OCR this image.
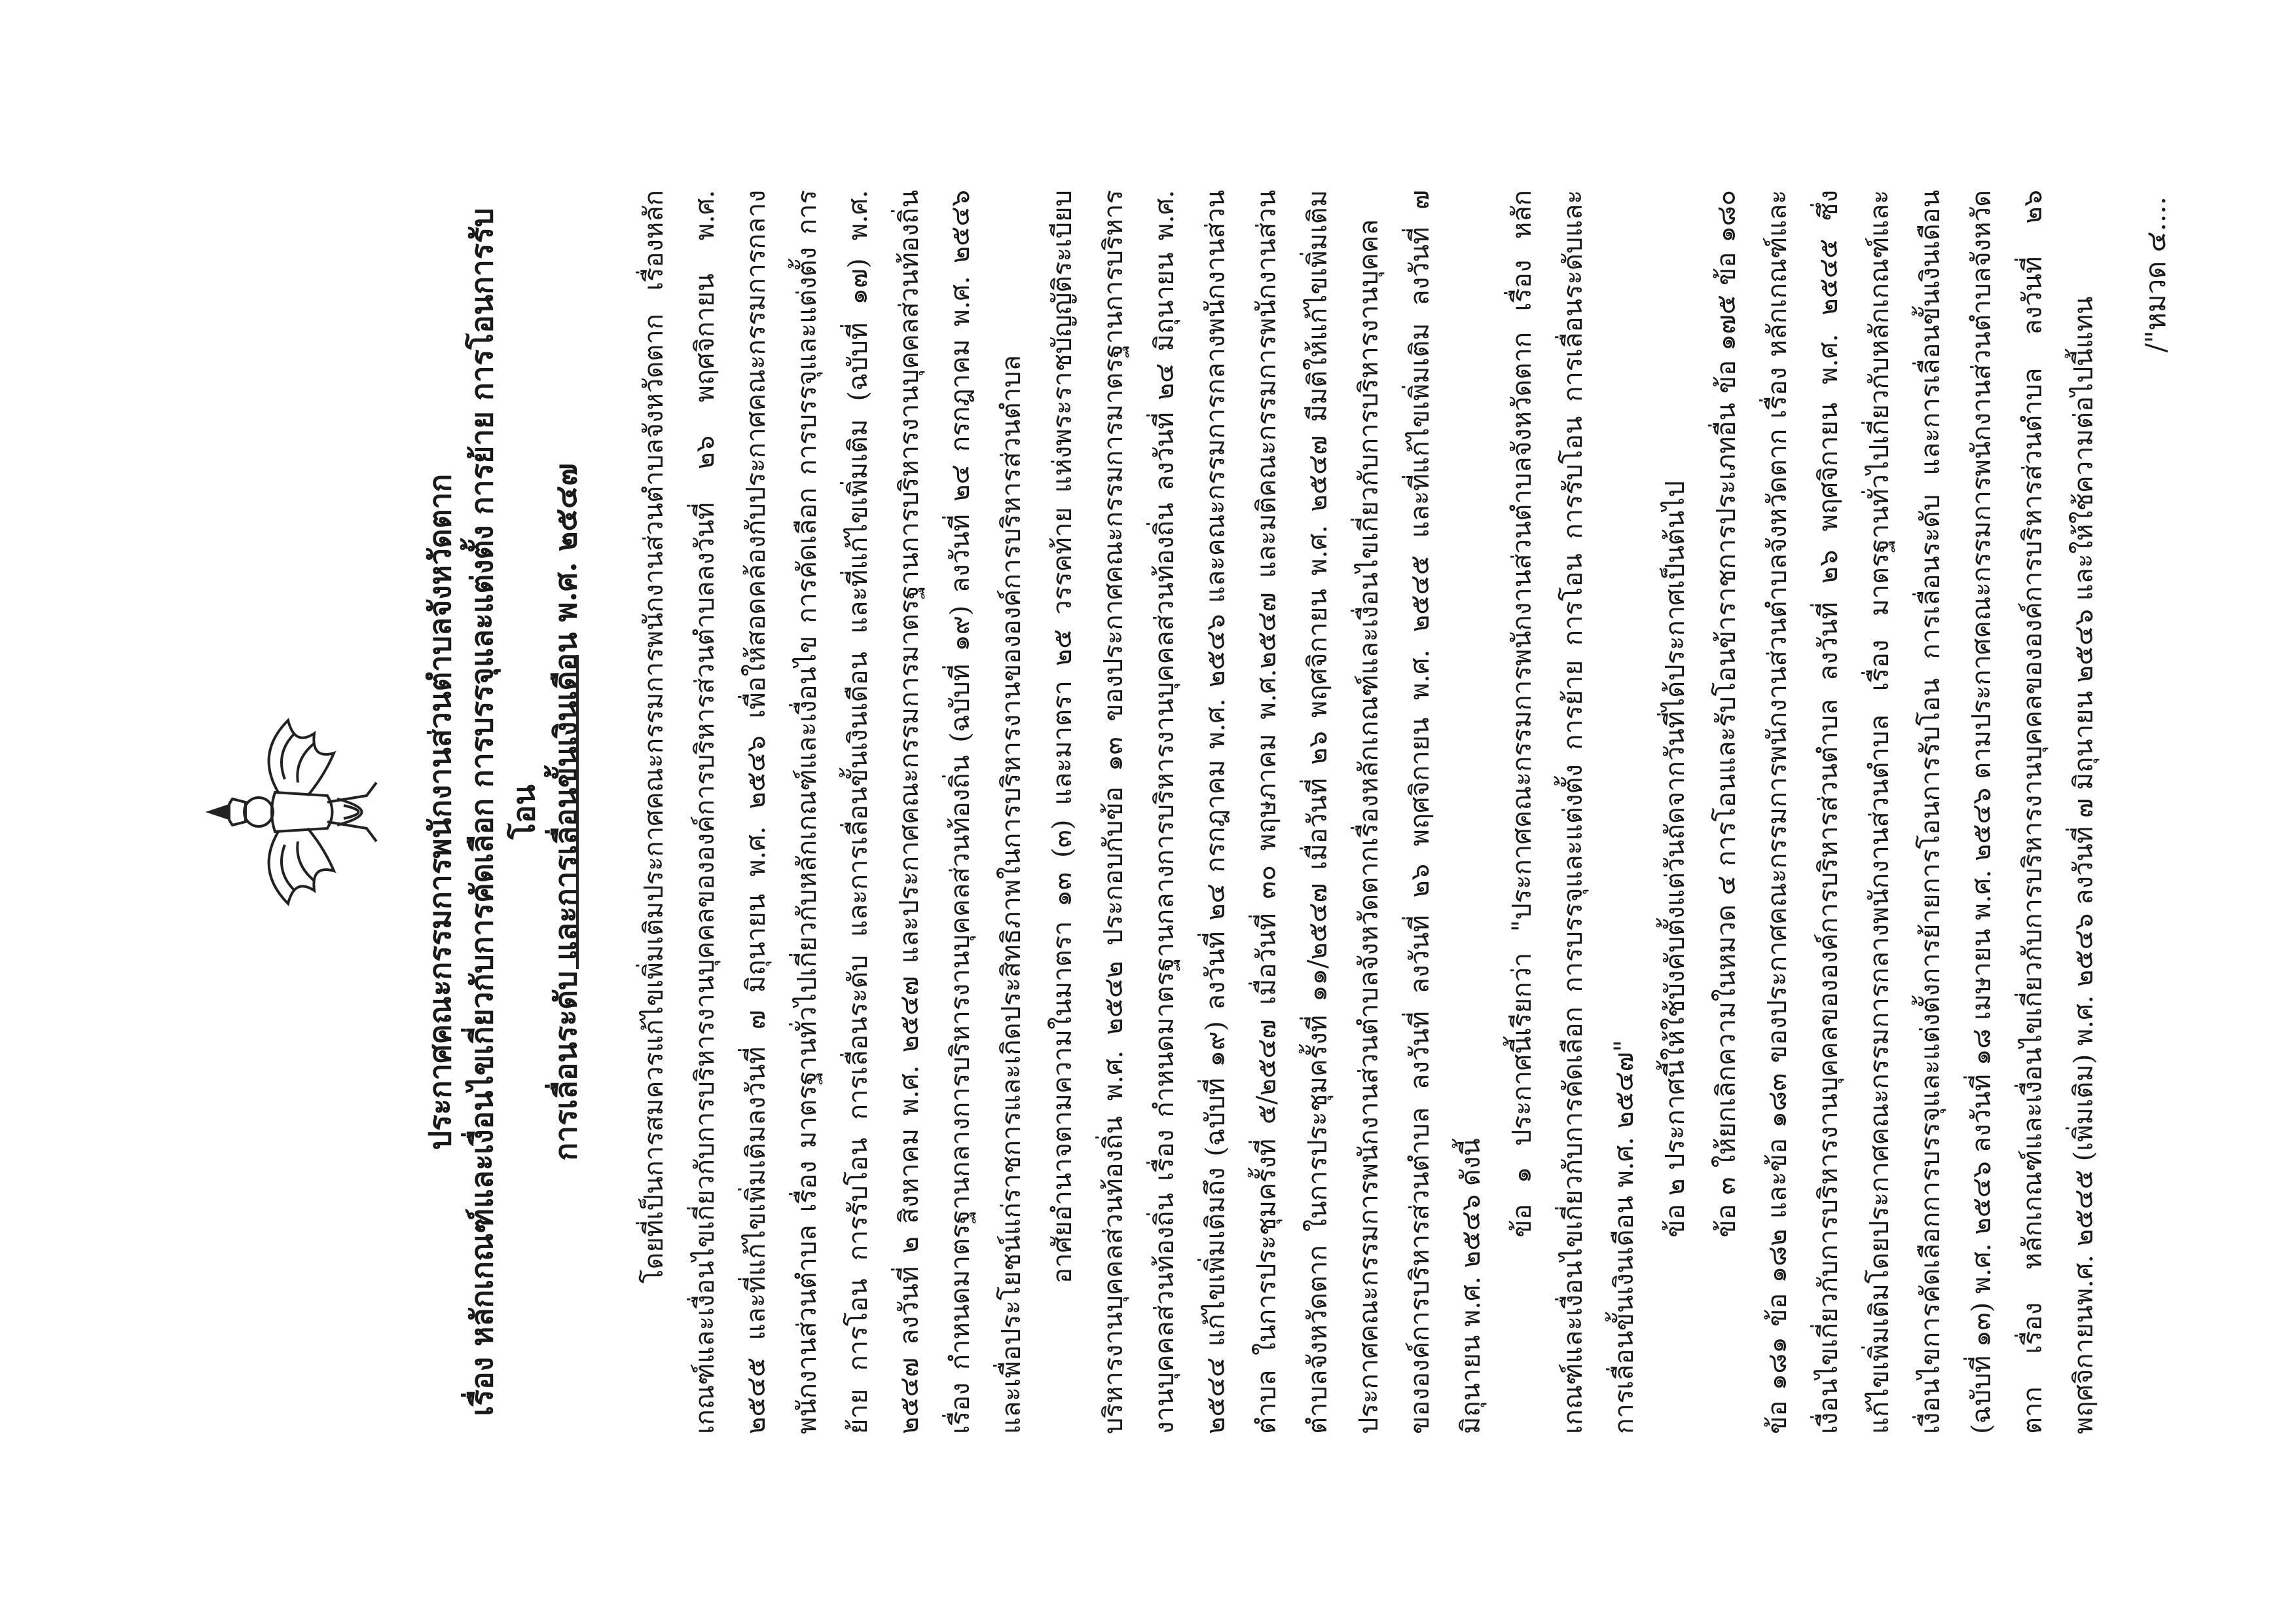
ประกาศคณะกรรมการพนักงานส่วนตำบลจังหวัดตาก เรื่อง หลักเกณฑ์และเงื่อนไขเกี่ยวกับการคัดเลือก การบรรจุและแต่งตั้ง การย้าย การโอนการรับโอน การเลื่อนระดับ และการเลื่อนขั้นเงินเดือน พ.ศ. ๒๕๔๗	โดยที่เป็นการสมควรแก้ไขเพิ่มเติมประกาศคณะกรรมการพนักงานส่วนตำบลจังหวัดตาก เรื่องหลักเกณฑ์และเงื่อนไขเกี่ยวกับการบริหารงานบุคคลขององค์การบริหารส่วนตำบลลงวันที่ ๒๖ พฤศจิกายน พ.ศ. ๒๕๔๕ และที่แก้ไขเพิ่มเติมลงวันที่ ๗ มิถุนายน พ.ศ. ๒๕๔๖ เพื่อให้สอดคล้องกับประกาศคณะกรรมการกลางพนักงานส่วนตำบล เรื่อง มาตรฐานทั่วไปเกี่ยวกับหลักเกณฑ์และเงื่อนไข การคัดเลือก การบรรจุและแต่งตั้ง การย้าย การโอน การรับโอน การเลื่อนระดับ และการเลื่อนขั้นเงินเดือน และที่แก้ไขเพิ่มเติม (ฉบับที่ ๑๗) พ.ศ. ๒๕๔๗ ลงวันที่ ๒ สิงหาคม พ.ศ. ๒๕๔๗ และประกาศคณะกรรมการมาตรฐานการบริหารงานบุคคลส่วนท้องถิ่น เรื่อง กำหนดมาตรฐานกลางการบริหารงานบุคคลส่วนท้องถิ่น (ฉบับที่ ๑๙) ลงวันที่ ๒๔ กรกฎาคม พ.ศ. ๒๕๔๖ และเพื่อประโยชน์แก่ราชการและเกิดประสิทธิภาพในการบริหารงานขององค์การบริหารส่วนตำบล อาศัยอำนาจตามความในมาตรา ๑๓ (๓) และมาตรา ๒๕ วรรคท้าย แห่งพระราชบัญญัติระเบียบบริหารงานบุคคลส่วนท้องถิ่น พ.ศ. ๒๕๔๒ ประกอบกับข้อ ๑๓ ของประกาศคณะกรรมการมาตรฐานการบริหารงานบุคคลส่วนท้องถิ่น เรื่อง กำหนดมาตรฐานกลางการบริหารงานบุคคลส่วนท้องถิ่น ลงวันที่ ๒๔ มิถุนายน พ.ศ. ๒๕๔๔ แก้ไขเพิ่มเติมถึง (ฉบับที่ ๑๙) ลงวันที่ ๒๔ กรกฎาคม พ.ศ. ๒๕๔๖ และคณะกรรมการกลางพนักงานส่วนตำบล ในการประชุมครั้งที่ ๕/๒๕๔๗ เมื่อวันที่ ๓๐ พฤษภาคม พ.ศ.๒๕๔๗ และมติคณะกรรมการพนักงานส่วนตำบลจังหวัดตาก ในการประชุมครั้งที่ ๑๑/๒๕๔๗ เมื่อวันที่ ๒๖ พฤศจิกายน พ.ศ. ๒๕๔๗ มีมติให้แก้ไขเพิ่มเติมประกาศคณะกรรมการพนักงานส่วนตำบลจังหวัดตากเรื่องหลักเกณฑ์และเงื่อนไขเกี่ยวกับการบริหารงานบุคคลขององค์การบริหารส่วนตำบล ลงวันที่ ลงวันที่ ๒๖ พฤศจิกายน พ.ศ. ๒๕๔๕ และที่แก้ไขเพิ่มเติม ลงวันที่ ๗ มิถุนายน พ.ศ. ๒๕๔๖ ดังนี้

ข้อ ๑ ประกาศนี้เรียกว่า "ประกาศคณะกรรมการพนักงานส่วนตำบลจังหวัดตาก เรื่อง หลักเกณฑ์และเงื่อนไขเกี่ยวกับการคัดเลือก การบรรจุและแต่งตั้ง การย้าย การโอน การรับโอน การเลื่อนระดับและการเลื่อนขั้นเงินเดือน พ.ศ. ๒๕๔๗" ข้อ ๒ ประกาศนี้ให้ใช้บังคับตั้งแต่วันถัดจากวันที่ได้ประกาศเป็นต้นไป ข้อ ๓ ให้ยกเลิกความในหมวด ๔ การโอนและรับโอนข้าราชการประเภทอื่น ข้อ ๑๗๕ ข้อ ๑๘๐ ข้อ ๑๘๑ ข้อ ๑๘๒ และข้อ ๑๘๓ ของประกาศคณะกรรมการพนักงานส่วนตำบลจังหวัดตาก เรื่อง หลักเกณฑ์และเงื่อนไขเกี่ยวกับการบริหารงานบุคคลขององค์การบริหารส่วนตำบล ลงวันที่ ๒๖ พฤศจิกายน พ.ศ. ๒๕๔๕ ซึ่งแก้ไขเพิ่มเติมโดยประกาศคณะกรรมการกลางพนักงานส่วนตำบล เรื่อง มาตรฐานทั่วไปเกี่ยวกับหลักเกณฑ์และเงื่อนไขการคัดเลือกการบรรจุและแต่งตั้งการย้ายการโอนการรับโอน การเลื่อนระดับ และการเลื่อนขั้นเงินเดือน (ฉบับที่ ๑๓) พ.ศ. ๒๕๔๖ ลงวันที่ ๑๘ เมษายน พ.ศ. ๒๕๔๖ ตามประกาศคณะกรรมการพนักงานส่วนตำบลจังหวัดตาก เรื่อง หลักเกณฑ์และเงื่อนไขเกี่ยวกับการบริหารงานบุคคลขององค์การบริหารส่วนตำบล ลงวันที่ ๒๖ พฤศจิกายนพ.ศ. ๒๕๔๕ (เพิ่มเติม) พ.ศ. ๒๕๔๖ ลงวันที่ ๗ มิถุนายน ๒๕๔๖ และให้ใช้ความต่อไปนี้แทน

/"หมวด ๔....
